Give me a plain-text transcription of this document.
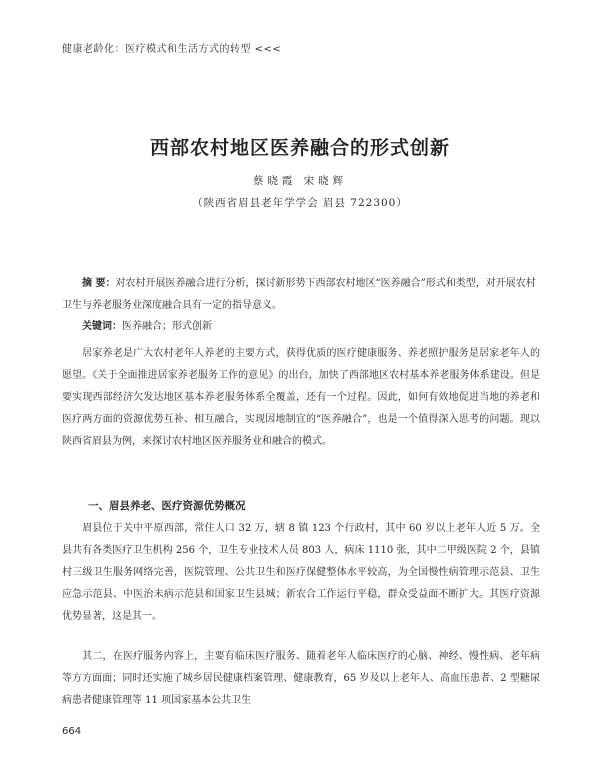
健康老龄化：医疗模式和生活方式的转型 <<<
西部农村地区医养融合的形式创新
蔡晓霞 宋晓辉
（陕西省眉县老年学学会 眉县 722300）
摘 要：对农村开展医养融合进行分析，探讨新形势下西部农村地区“医养融合”形式和类型，对开展农村卫生与养老服务业深度融合具有一定的指导意义。
关键词：医养融合；形式创新

居家养老是广大农村老年人养老的主要方式，获得优质的医疗健康服务、养老照护服务是居家老年人的愿望。《关于全面推进居家养老服务工作的意见》的出台，加快了西部地区农村基本养老服务体系建设。但是要实现西部经济欠发达地区基本养老服务体系全覆盖，还有一个过程。因此，如何有效地促进当地的养老和医疗两方面的资源优势互补、相互融合，实现因地制宜的“医养融合”，也是一个值得深入思考的问题。现以陕西省眉县为例，来探讨农村地区医养服务业和融合的模式。

一、眉县养老、医疗资源优势概况

眉县位于关中平原西部，常住人口 32 万，辖 8 镇 123 个行政村，其中 60 岁以上老年人近 5 万。全县共有各类医疗卫生机构 256 个，卫生专业技术人员 803 人，病床 1110 张，其中二甲级医院 2 个，县镇村三级卫生服务网络完善，医院管理、公共卫生和医疗保健整体水平较高，为全国慢性病管理示范县、卫生应急示范县、中医治未病示范县和国家卫生县城；新农合工作运行平稳，群众受益面不断扩大。其医疗资源优势显著，这是其一。

其二，在医疗服务内容上，主要有临床医疗服务、随着老年人临床医疗的心脑、神经、慢性病、老年病等方方面面；同时还实施了城乡居民健康档案管理、健康教育，65 岁及以上老年人、高血压患者、2 型糖尿病患者健康管理等 11 项国家基本公共卫生

664
